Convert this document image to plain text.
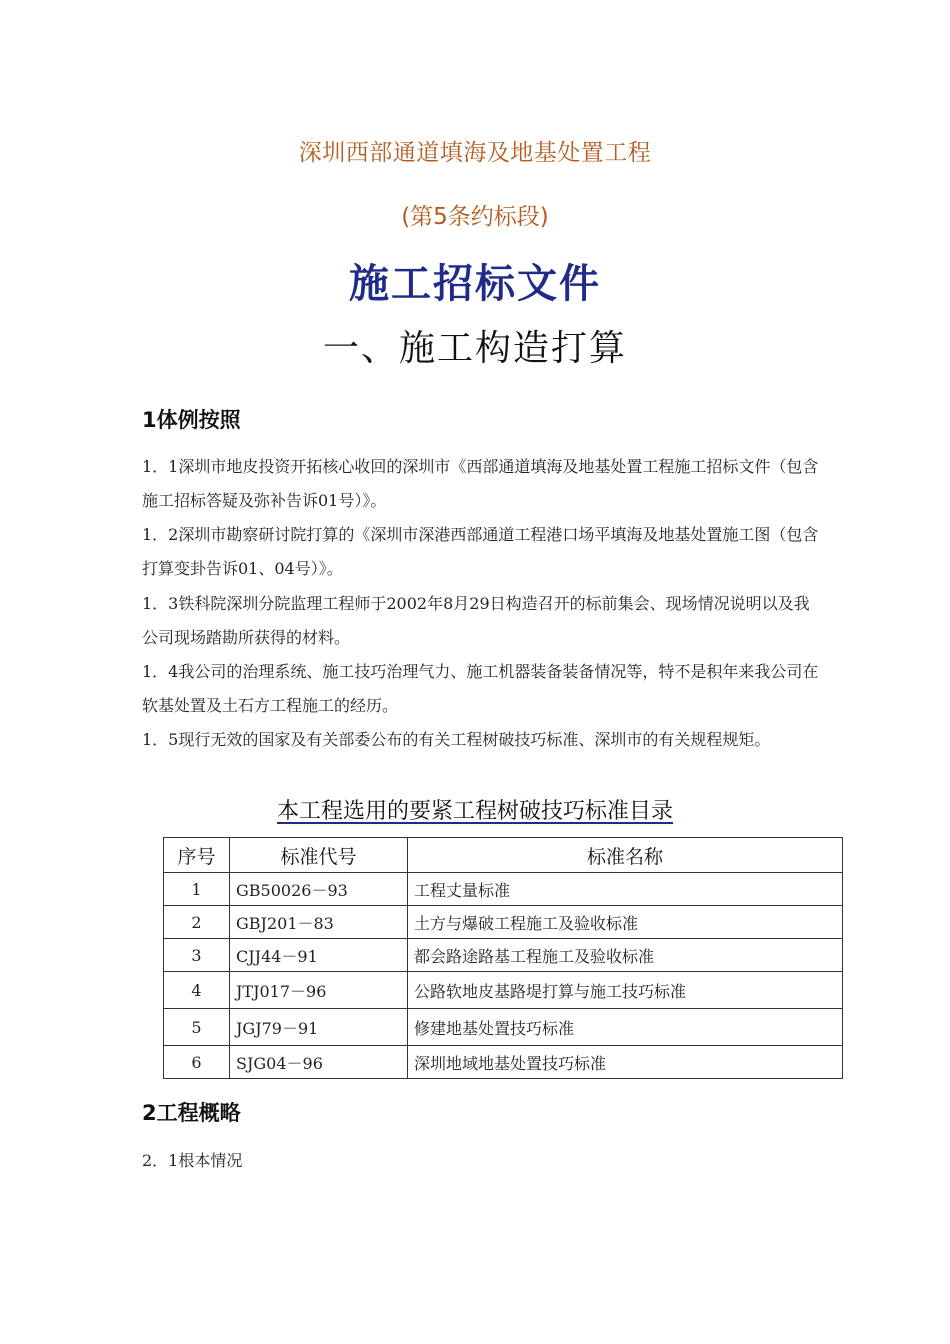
深圳西部通道填海及地基处置工程
(第5条约标段)
施工招标文件
一、施工构造打算
1体例按照
1．1深圳市地皮投资开拓核心收回的深圳市《西部通道填海及地基处置工程施工招标文件（包含施工招标答疑及弥补告诉01号）》。
1．2深圳市勘察研讨院打算的《深圳市深港西部通道工程港口场平填海及地基处置施工图（包含打算变卦告诉01、04号）》。
1．3铁科院深圳分院监理工程师于2002年8月29日构造召开的标前集会、现场情况说明以及我公司现场踏勘所获得的材料。
1．4我公司的治理系统、施工技巧治理气力、施工机器装备装备情况等，特不是积年来我公司在软基处置及土石方工程施工的经历。
1．5现行无效的国家及有关部委公布的有关工程树破技巧标准、深圳市的有关规程规矩。
本工程选用的要紧工程树破技巧标准目录
序号	标准代号	标准名称
1	GB50026－93	工程丈量标准
2	GBJ201－83	土方与爆破工程施工及验收标准
3	CJJ44－91	都会路途路基工程施工及验收标准
4	JTJ017－96	公路软地皮基路堤打算与施工技巧标准
5	JGJ79－91	修建地基处置技巧标准
6	SJG04－96	深圳地域地基处置技巧标准
2工程概略
2．1根本情况
